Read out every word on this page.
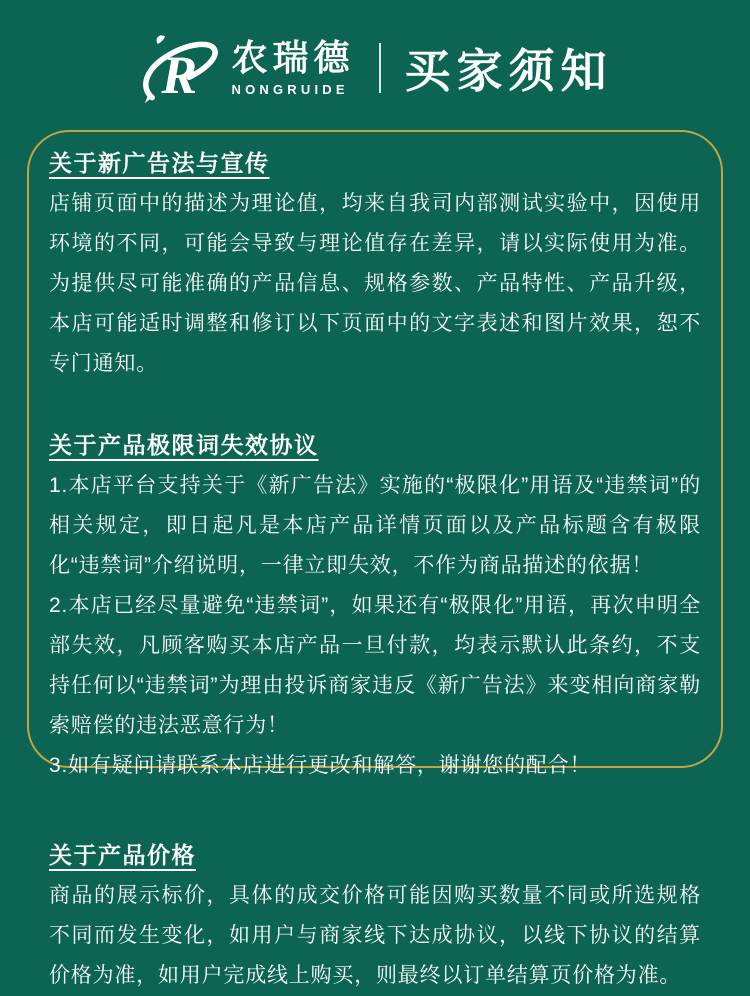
R 农瑞德
NONGRUIDE 买家须知
关于新广告法与宣传

店铺页面中的描述为理论值，均来自我司内部测试实验中，因使用环境的不同，可能会导致与理论值存在差异，请以实际使用为准。为提供尽可能准确的产品信息、规格参数、产品特性、产品升级，本店可能适时调整和修订以下页面中的文字表述和图片效果，恕不专门通知。

关于产品极限词失效协议

1.本店平台支持关于《新广告法》实施的“极限化”用语及“违禁词”的相关规定，即日起凡是本店产品详情页面以及产品标题含有极限化“违禁词”介绍说明，一律立即失效，不作为商品描述的依据！

2.本店已经尽量避免“违禁词”，如果还有“极限化”用语，再次申明全部失效，凡顾客购买本店产品一旦付款，均表示默认此条约，不支持任何以“违禁词”为理由投诉商家违反《新广告法》来变相向商家勒索赔偿的违法恶意行为！

3.如有疑问请联系本店进行更改和解答，谢谢您的配合！

关于产品价格

商品的展示标价，具体的成交价格可能因购买数量不同或所选规格不同而发生变化，如用户与商家线下达成协议，以线下协议的结算价格为准，如用户完成线上购买，则最终以订单结算页价格为准。
